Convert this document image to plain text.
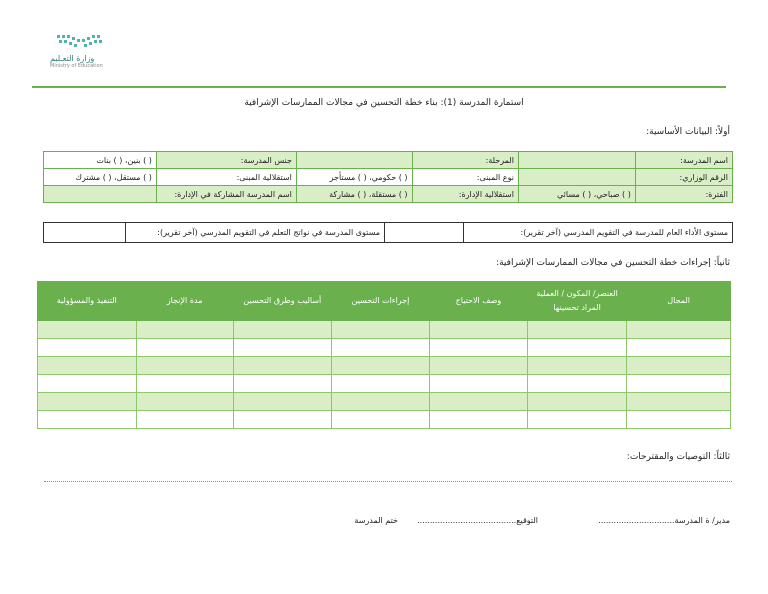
وزارة التعـليم
Ministry of Education
استمارة المدرسة (1): بناء خطة التحسين في مجالات الممارسات الإشرافية
أولاً: البيانات الأساسية:
اسم المدرسة:		المرحلة:		جنس المدرسة:	( ) بنين، ( ) بنات
الرقم الوزاري:		نوع المبنى:	( ) حكومي، ( ) مستأجر	استقلالية المبنى:	( ) مستقل، ( ) مشترك
الفترة:	( ) صباحي، ( ) مسائي	استقلالية الإدارة:	( ) مستقلة، ( ) مشاركة	اسم المدرسة المشاركة في الإدارة:	
مستوى الأداء العام للمدرسة في التقويم المدرسي (آخر تقرير):		مستوى المدرسة في نواتج التعلم في التقويم المدرسي (آخر تقرير):	
ثانياً: إجراءات خطة التحسين في مجالات الممارسات الإشرافية:
المجال	العنصر/ المكون / العملية المراد تحسينها	وصف الاحتياج	إجراءات التحسين	أساليب وطرق التحسين	مدة الإنجاز	التنفيذ والمسؤولية

ثالثاً: التوصيات والمقترحات:
مدير/ ة المدرسة..............................
التوقيع.......................................
ختم المدرسة
